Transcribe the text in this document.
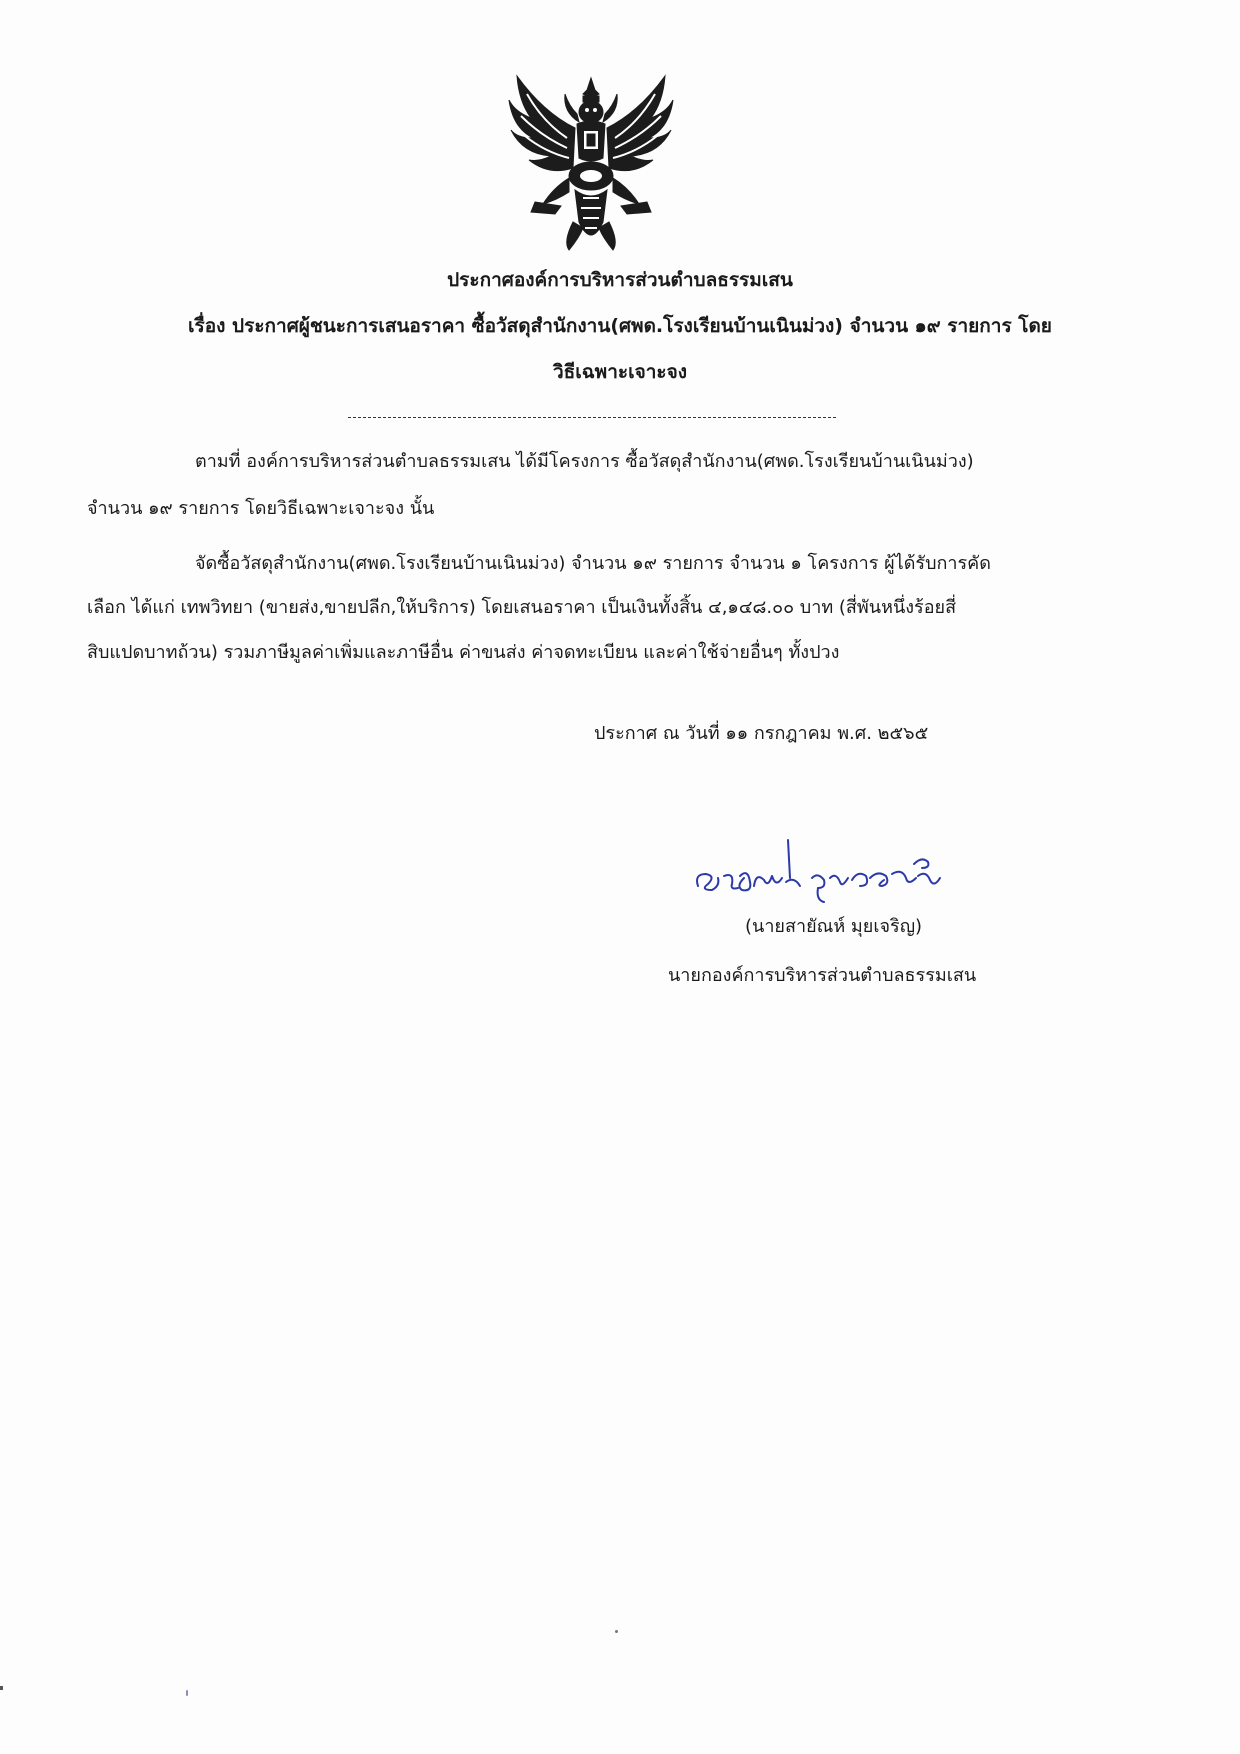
ประกาศองค์การบริหารส่วนตำบลธรรมเสน
เรื่อง ประกาศผู้ชนะการเสนอราคา ซื้อวัสดุสำนักงาน(ศพด.โรงเรียนบ้านเนินม่วง) จำนวน ๑๙ รายการ โดย
วิธีเฉพาะเจาะจง
ตามที่ องค์การบริหารส่วนตำบลธรรมเสน ได้มีโครงการ ซื้อวัสดุสำนักงาน(ศพด.โรงเรียนบ้านเนินม่วง)
จำนวน ๑๙ รายการ โดยวิธีเฉพาะเจาะจง นั้น
จัดซื้อวัสดุสำนักงาน(ศพด.โรงเรียนบ้านเนินม่วง) จำนวน ๑๙ รายการ จำนวน ๑ โครงการ ผู้ได้รับการคัด
เลือก ได้แก่ เทพวิทยา (ขายส่ง,ขายปลีก,ให้บริการ) โดยเสนอราคา เป็นเงินทั้งสิ้น ๔,๑๔๘.๐๐ บาท (สี่พันหนึ่งร้อยสี่
สิบแปดบาทถ้วน) รวมภาษีมูลค่าเพิ่มและภาษีอื่น ค่าขนส่ง ค่าจดทะเบียน และค่าใช้จ่ายอื่นๆ ทั้งปวง
ประกาศ ณ วันที่ ๑๑ กรกฎาคม พ.ศ. ๒๕๖๕
(นายสายัณห์ มุยเจริญ)
นายกองค์การบริหารส่วนตำบลธรรมเสน
